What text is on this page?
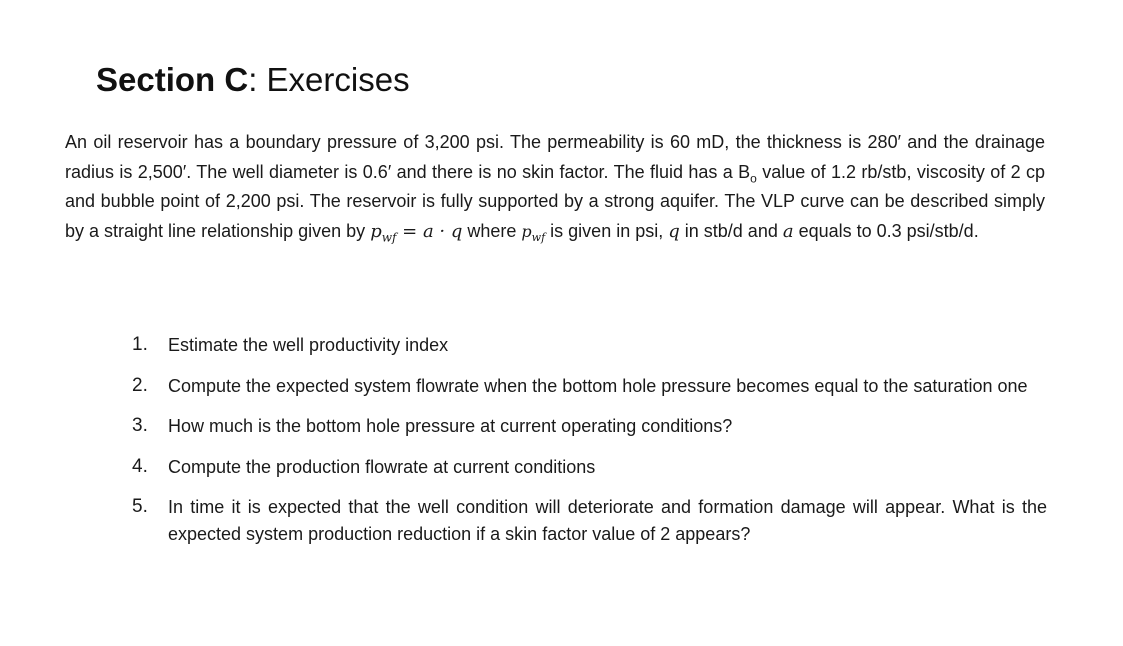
Section C: Exercises
An oil reservoir has a boundary pressure of 3,200 psi. The permeability is 60 mD, the thickness is 280′ and the drainage radius is 2,500′. The well diameter is 0.6′ and there is no skin factor. The fluid has a $B_o$ value of 1.2 rb/stb, viscosity of 2 cp and bubble point of 2,200 psi. The reservoir is fully supported by a strong aquifer. The VLP curve can be described simply by a straight line relationship given by $p_{wf} = a \cdot q$ where $p_{wf}$ is given in psi, q in stb/d and a equals to 0.3 psi/stb/d.
1.	Estimate the well productivity index
2.	Compute the expected system flowrate when the bottom hole pressure becomes equal to the saturation one
3.	How much is the bottom hole pressure at current operating conditions?
4.	Compute the production flowrate at current conditions
5.	In time it is expected that the well condition will deteriorate and formation damage will appear. What is the expected system production reduction if a skin factor value of 2 appears?
